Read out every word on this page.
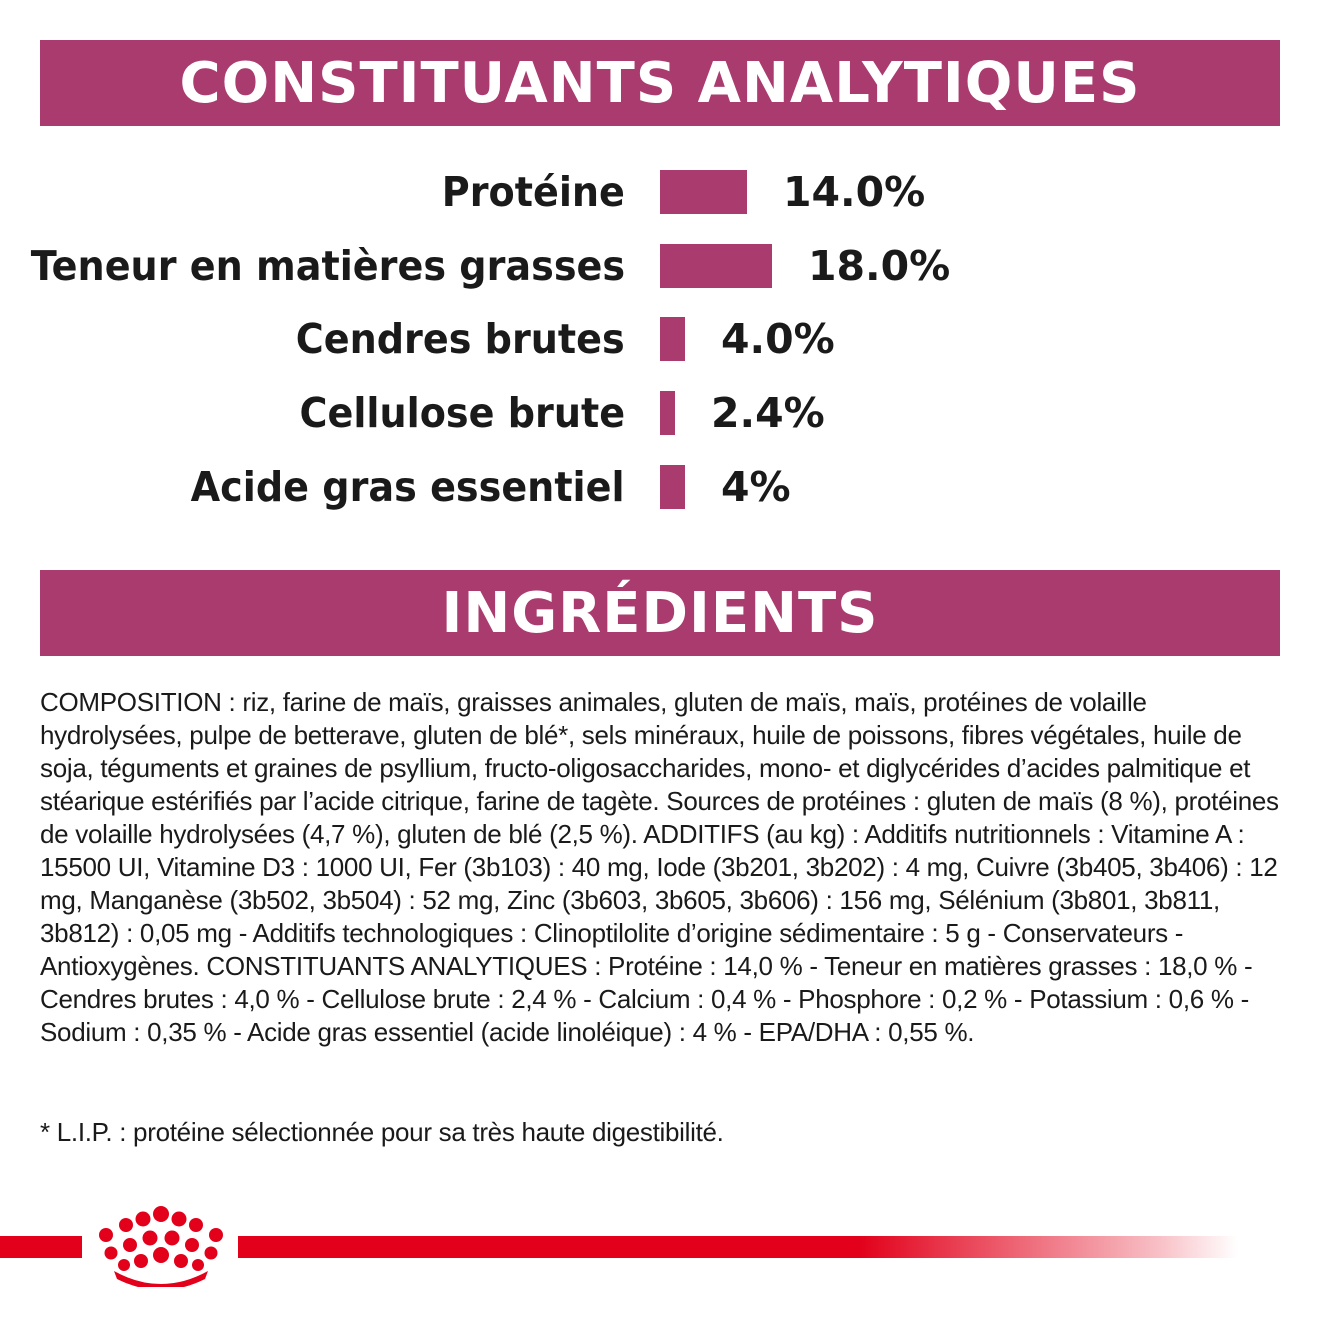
CONSTITUANTS ANALYTIQUES
Protéine	14.0%
Teneur en matières grasses	18.0%
Cendres brutes 4.0%
Cellulose brute 2.4%
Acide gras essentiel 4%
INGRÉDIENTS
COMPOSITION : riz, farine de maïs, graisses animales, gluten de maïs, maïs, protéines de volaille hydrolysées, pulpe de betterave, gluten de blé*, sels minéraux, huile de poissons, fibres végétales, huile de soja, téguments et graines de psyllium, fructo-oligosaccharides, mono- et diglycérides d’acides palmitique et stéarique estérifiés par l’acide citrique, farine de tagète. Sources de protéines : gluten de maïs (8 %), protéines de volaille hydrolysées (4,7 %), gluten de blé (2,5 %). ADDITIFS (au kg) : Additifs nutritionnels : Vitamine A : 15500 UI, Vitamine D3 : 1000 UI, Fer (3b103) : 40 mg, Iode (3b201, 3b202) : 4 mg, Cuivre (3b405, 3b406) : 12 mg, Manganèse (3b502, 3b504) : 52 mg, Zinc (3b603, 3b605, 3b606) : 156 mg, Sélénium (3b801, 3b811, 3b812) : 0,05 mg - Additifs technologiques : Clinoptilolite d’origine sédimentaire : 5 g - Conservateurs - Antioxygènes. CONSTITUANTS ANALYTIQUES : Protéine : 14,0 % - Teneur en matières grasses : 18,0 % - Cendres brutes : 4,0 % - Cellulose brute : 2,4 % - Calcium : 0,4 % - Phosphore : 0,2 % - Potassium : 0,6 % - Sodium : 0,35 % - Acide gras essentiel (acide linoléique) : 4 % - EPA/DHA : 0,55 %.
* L.I.P. : protéine sélectionnée pour sa très haute digestibilité.
